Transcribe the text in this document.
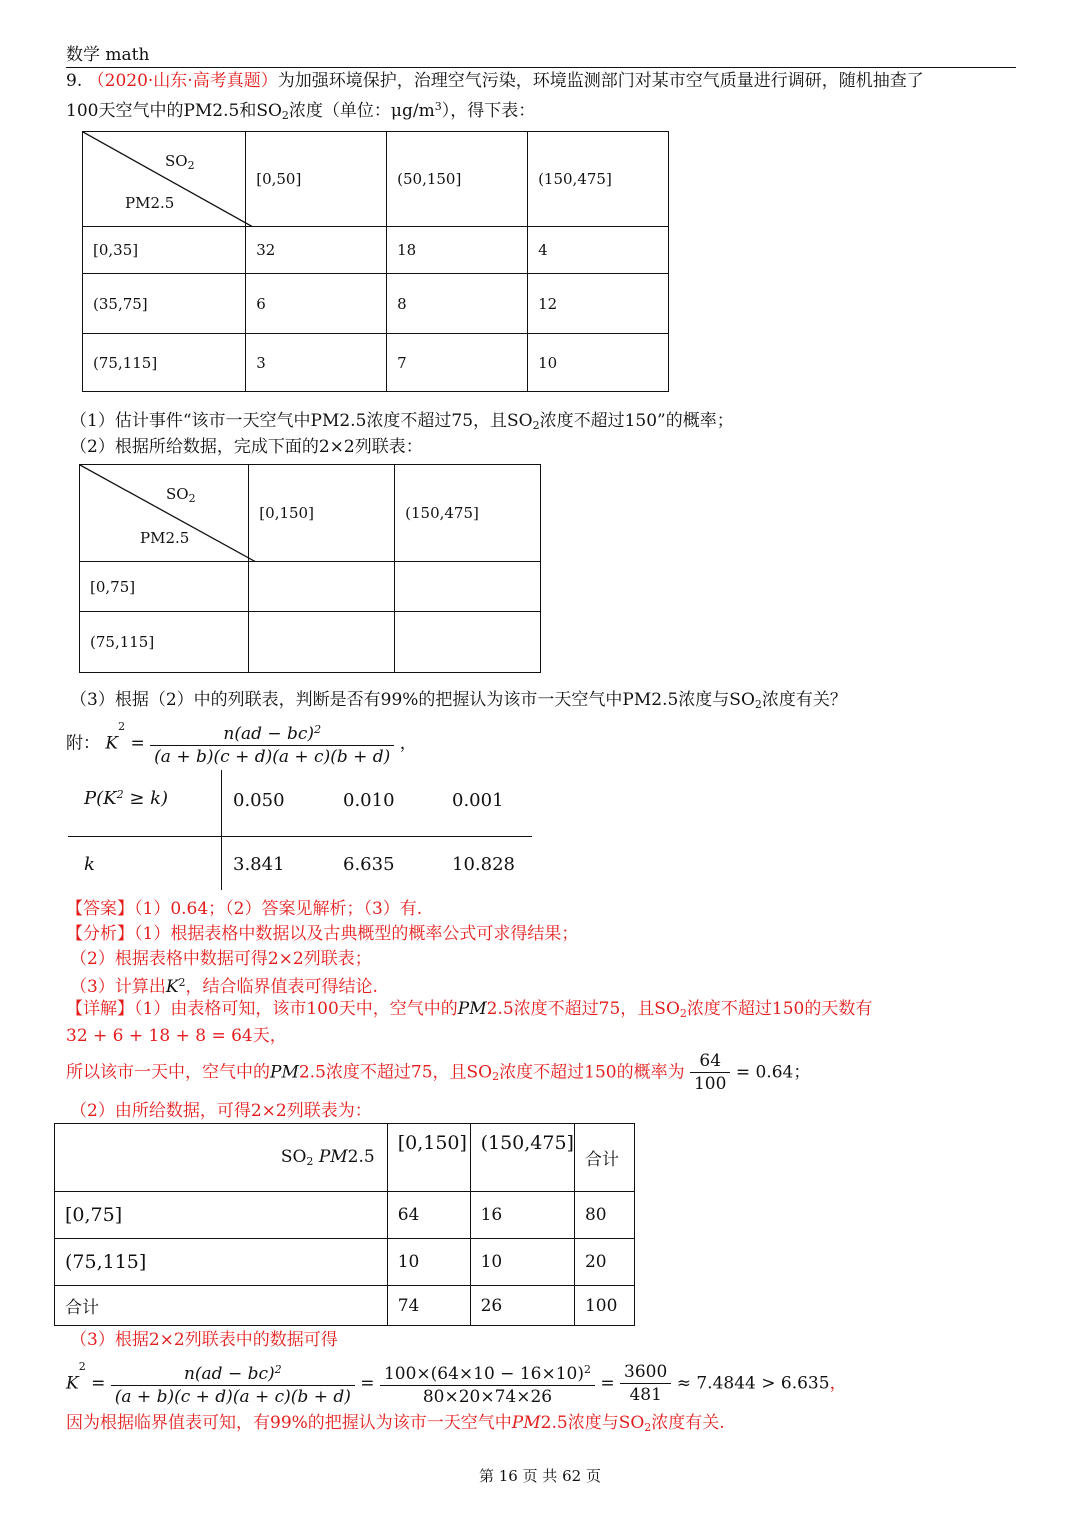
数学 math
9. （2020·山东·高考真题）为加强环境保护，治理空气污染，环境监测部门对某市空气质量进行调研，随机抽查了
100天空气中的PM2.5和$SO_2$浓度（单位：$\mu g/m^3$），得下表：
$SO_2$
PM2.5	[0,50]	(50,150]	(150,475]
[0,35]	32	18	4
(35,75]	6	8	12
(75,115]	3	7	10
（1）估计事件“该市一天空气中PM2.5浓度不超过75，且$SO_2$浓度不超过150”的概率；
（2）根据所给数据，完成下面的2×2列联表：
$SO_2$
PM2.5	[0,150]	(150,475]
[0,75]		
(75,115]		
（3）根据（2）中的列联表，判断是否有99%的把握认为该市一天空气中PM2.5浓度与$SO_2$浓度有关？
附： $K^2 = \frac{n(ad - bc)^2}{(a + b)(c + d)(a + c)(b + d)}$ ，
$P(K^2 \ge k)$	0.050	0.010	0.001
k	3.841	6.635	10.828
【答案】（1）0.64；（2）答案见解析；（3）有.
【分析】（1）根据表格中数据以及古典概型的概率公式可求得结果；
（2）根据表格中数据可得2×2列联表；
（3）计算出$K^2$，结合临界值表可得结论.
【详解】（1）由表格可知，该市100天中，空气中的PM2.5浓度不超过75，且$SO_2$浓度不超过150的天数有
32 + 6 + 18 + 8 = 64天，
所以该市一天中，空气中的PM2.5浓度不超过75，且$SO_2$浓度不超过150的概率为 $\frac{64}{100} = 0.64$；
（2）由所给数据，可得2×2列联表为：
$SO_2$ PM2.5	[0,150]	(150,475]	合计
[0,75]	64	16	80
(75,115]	10	10	20
合计	74	26	100
（3）根据2×2列联表中的数据可得
$K^2 = \frac{n(ad - bc)^2}{(a + b)(c + d)(a + c)(b + d)} = \frac{100\times(64\times 10 - 16\times 10)^2}{80\times 20\times 74\times 26} = \frac{3600}{481} \approx 7.4844 > 6.635$，
因为根据临界值表可知，有99%的把握认为该市一天空气中PM2.5浓度与$SO_2$浓度有关.
第 16 页 共 62 页
